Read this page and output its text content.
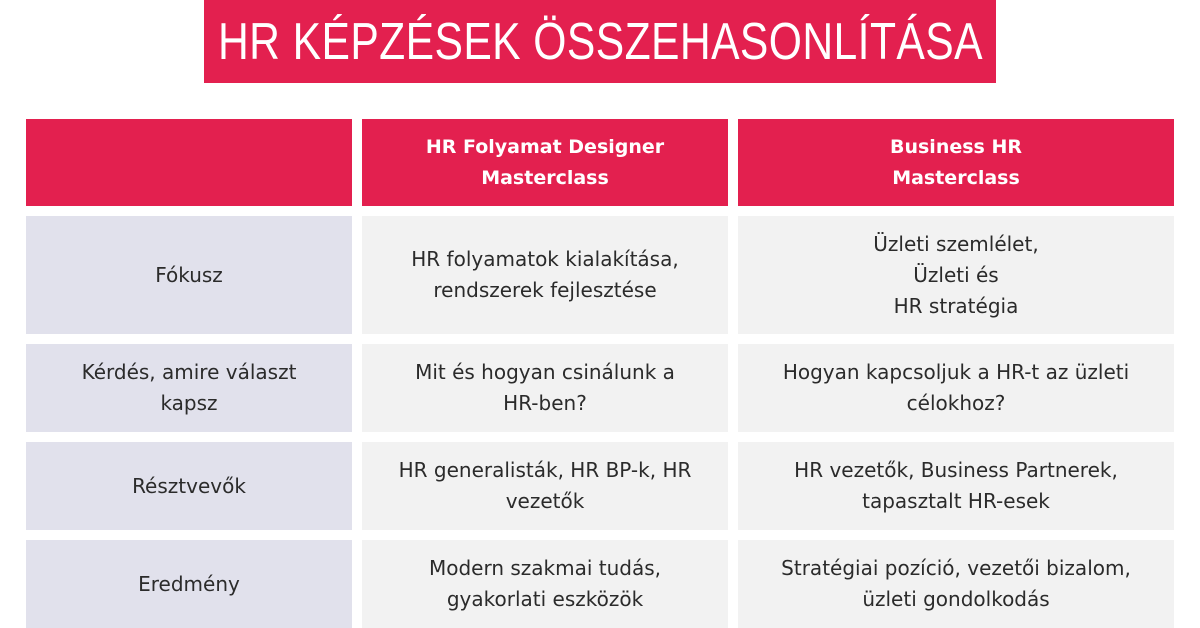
HR KÉPZÉSEK ÖSSZEHASONLÍTÁSA
HR Folyamat Designer
Masterclass
Business HR
Masterclass
Fókusz
HR folyamatok kialakítása,
rendszerek fejlesztése
Üzleti szemlélet,
Üzleti és
HR stratégia
Kérdés, amire választ
kapsz
Mit és hogyan csinálunk a
HR-ben?
Hogyan kapcsoljuk a HR-t az üzleti
célokhoz?
Résztvevők
HR generalisták, HR BP-k, HR
vezetők
HR vezetők, Business Partnerek,
tapasztalt HR-esek
Eredmény
Modern szakmai tudás,
gyakorlati eszközök
Stratégiai pozíció, vezetői bizalom,
üzleti gondolkodás
